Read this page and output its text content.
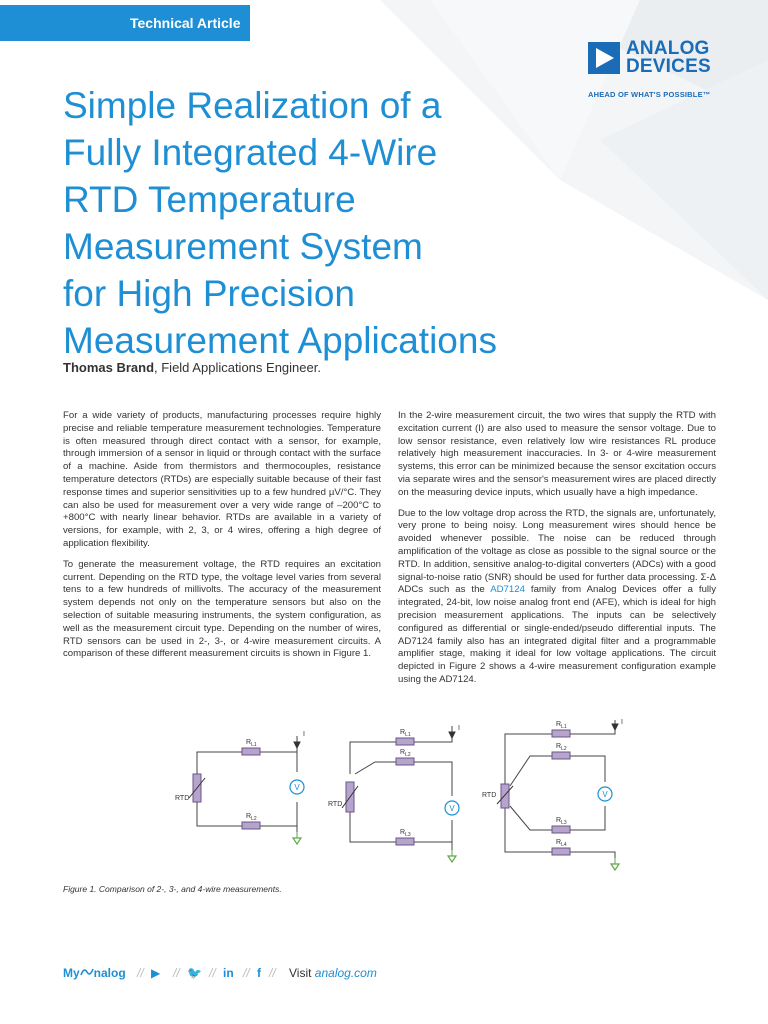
Technical Article
ANALOG
DEVICES
AHEAD OF WHAT'S POSSIBLE™
Simple Realization of a
Fully Integrated 4-Wire
RTD Temperature
Measurement System
for High Precision
Measurement Applications
Thomas Brand, Field Applications Engineer.

For a wide variety of products, manufacturing processes require highly precise and reliable temperature measurement technologies. Temperature is often measured through direct contact with a sensor, for example, through immersion of a sensor in liquid or through contact with the surface of a machine. Aside from thermistors and thermocouples, resistance temperature detectors (RTDs) are especially suitable because of their fast response times and superior sensitivities up to a few hundred µV/°C. They can also be used for measurement over a very wide range of –200°C to +800°C with nearly linear behavior. RTDs are available in a variety of versions, for example, with 2, 3, or 4 wires, offering a high degree of application flexibility.

To generate the measurement voltage, the RTD requires an excitation current. Depending on the RTD type, the voltage level varies from several tens to a few hundreds of millivolts. The accuracy of the measurement system depends not only on the temperature sensors but also on the selection of suitable measuring instruments, the system configuration, as well as the measurement circuit type. Depending on the number of wires, RTD sensors can be used in 2-, 3-, or 4-wire measurement circuits. A comparison of these different measurement circuits is shown in Figure 1.

In the 2-wire measurement circuit, the two wires that supply the RTD with excitation current (I) are also used to measure the sensor voltage. Due to low sensor resistance, even relatively low wire resistances RL produce relatively high measurement inaccuracies. In 3- or 4-wire measurement systems, this error can be minimized because the sensor excitation occurs via separate wires and the sensor's measurement wires are placed directly on the measuring device inputs, which usually have a high impedance.

Due to the low voltage drop across the RTD, the signals are, unfortunately, very prone to being noisy. Long measurement wires should hence be avoided whenever possible. The noise can be reduced through amplification of the voltage as close as possible to the signal source or the RTD. In addition, sensitive analog-to-digital converters (ADCs) with a good signal-to-noise ratio (SNR) should be used for further data processing. Σ-Δ ADCs such as the AD7124 family from Analog Devices offer a fully integrated, 24-bit, low noise analog front end (AFE), which is ideal for high precision measurement applications. The inputs can be selectively configured as differential or single-ended/pseudo differential inputs. The AD7124 family also has an integrated digital filter and a programmable amplifier stage, making it ideal for low voltage applications. The circuit depicted in Figure 2 shows a 4-wire measurement configuration example using the AD7124.

V
V
V
RTD
RTD
RTD
I
I
I
$R_{L1}$
$R_{L2}$
$R_{L1}$
$R_{L2}$
$R_{L3}$
$R_{L1}$
$R_{L2}$
$R_{L3}$
$R_{L4}$
Figure 1. Comparison of 2-, 3-, and 4-wire measurements.
My nalog // ▶ // 🐦 // in // f // Visit analog.com
